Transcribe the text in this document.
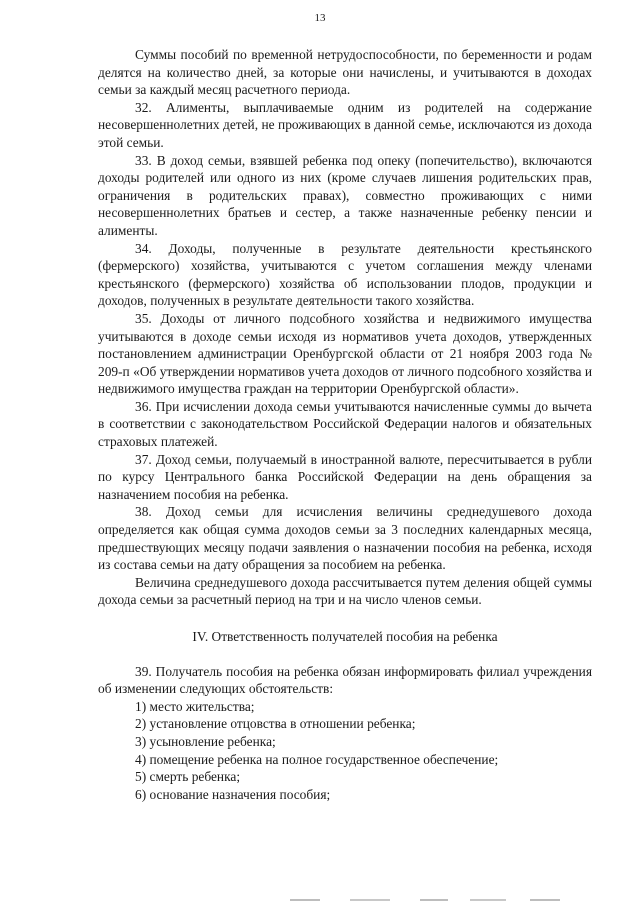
13

Суммы пособий по временной нетрудоспособности, по беременности и родам делятся на количество дней, за которые они начислены, и учитываются в доходах семьи за каждый месяц расчетного периода.

32. Алименты, выплачиваемые одним из родителей на содержание несовершеннолетних детей, не проживающих в данной семье, исключаются из дохода этой семьи.

33. В доход семьи, взявшей ребенка под опеку (попечительство), включаются доходы родителей или одного из них (кроме случаев лишения родительских прав, ограничения в родительских правах), совместно проживающих с ними несовершеннолетних братьев и сестер, а также назначенные ребенку пенсии и алименты.

34. Доходы, полученные в результате деятельности крестьянского (фермерского) хозяйства, учитываются с учетом соглашения между членами крестьянского (фермерского) хозяйства об использовании плодов, продукции и доходов, полученных в результате деятельности такого хозяйства.

35. Доходы от личного подсобного хозяйства и недвижимого имущества учитываются в доходе семьи исходя из нормативов учета доходов, утвержденных постановлением администрации Оренбургской области от 21 ноября 2003 года № 209-п «Об утверждении нормативов учета доходов от личного подсобного хозяйства и недвижимого имущества граждан на территории Оренбургской области».

36. При исчислении дохода семьи учитываются начисленные суммы до вычета в соответствии с законодательством Российской Федерации налогов и обязательных страховых платежей.

37. Доход семьи, получаемый в иностранной валюте, пересчитывается в рубли по курсу Центрального банка Российской Федерации на день обращения за назначением пособия на ребенка.

38. Доход семьи для исчисления величины среднедушевого дохода определяется как общая сумма доходов семьи за 3 последних календарных месяца, предшествующих месяцу подачи заявления о назначении пособия на ребенка, исходя из состава семьи на дату обращения за пособием на ребенка.

Величина среднедушевого дохода рассчитывается путем деления общей суммы дохода семьи за расчетный период на три и на число членов семьи.

IV. Ответственность получателей пособия на ребенка

39. Получатель пособия на ребенка обязан информировать филиал учреждения об изменении следующих обстоятельств:

1) место жительства;

2) установление отцовства в отношении ребенка;

3) усыновление ребенка;

4) помещение ребенка на полное государственное обеспечение;

5) смерть ребенка;

6) основание назначения пособия;
